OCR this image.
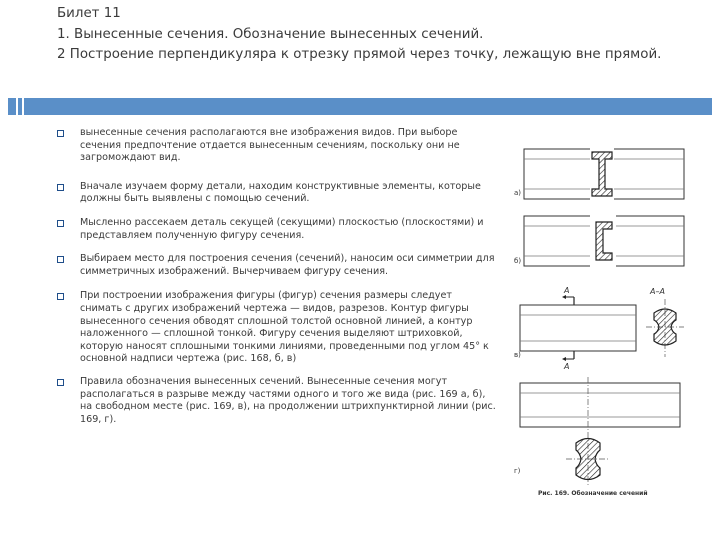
Билет 11
1. Вынесенные сечения. Обозначение вынесенных сечений.
2 Построение перпендикуляра к отрезку прямой через точку, лежащую вне прямой.
вынесенные сечения располагаются вне изображения видов. При выборе сечения предпочтение отдается вынесенным сечениям, поскольку они не загромождают вид.
Вначале изучаем форму детали, находим конструктивные элементы, которые должны быть выявлены с помощью сечений.
Мысленно рассекаем деталь секущей (секущими) плоскостью (плоскостями) и представляем полученную фигуру сечения.
Выбираем место для построения сечения (сечений), наносим оси симметрии для симметричных изображений. Вычерчиваем фигуру сечения.
При построении изображения фигуры (фигур) сечения размеры следует снимать с других изображений чертежа — видов, разрезов. Контур фигуры вынесенного сечения обводят сплошной толстой основной линией, а контур наложенного — сплошной тонкой. Фигуру сечения выделяют штриховкой, которую наносят сплошными тонкими линиями, проведенными под углом 45° к основной надписи чертежа (рис. 168, б, в)
Правила обозначения вынесенных сечений. Вынесенные сечения могут располагаться в разрыве между частями одного и того же вида (рис. 169 а, б), на свободном месте (рис. 169, в), на продолжении штрихпунктирной линии (рис. 169, г).
а)
б)
А
А
в)
А–А
г)
Рис. 169. Обозначение сечений
